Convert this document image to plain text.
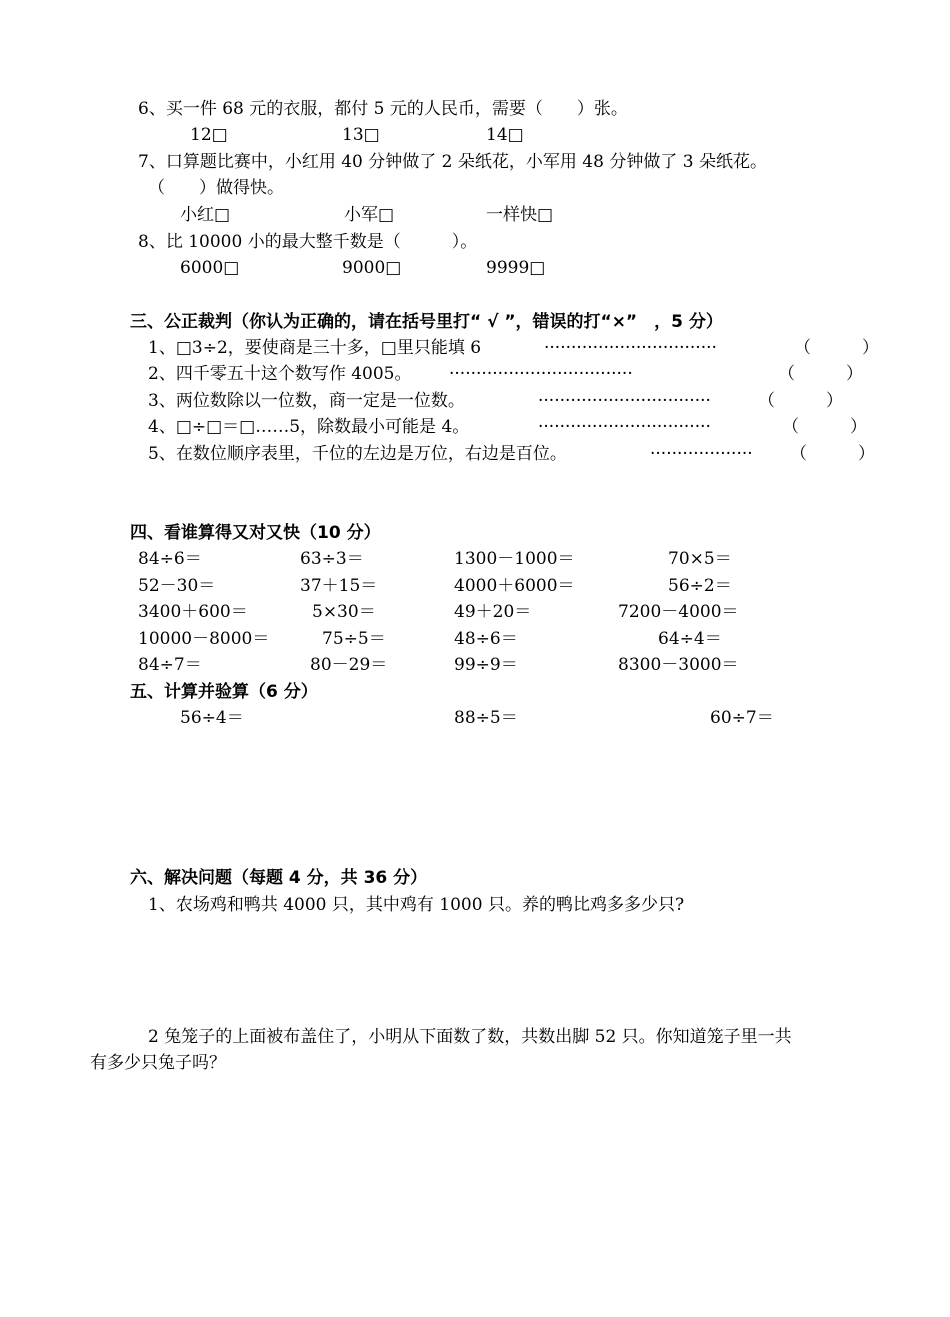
6、买一件 68 元的衣服，都付 5 元的人民币，需要（　　）张。
12□	13□	14□
7、口算题比赛中，小红用 40 分钟做了 2 朵纸花，小军用 48 分钟做了 3 朵纸花。
（　　）做得快。
小红□	小军□	一样快□
8、比 10000 小的最大整千数是（　　　）。
6000□	9000□	9999□
三、公正裁判（你认为正确的，请在括号里打“ √ ”，错误的打“×”　，5 分）
1、□3÷2，要使商是三十多，□里只能填 6	································	（　　　）
2、四千零五十这个数写作 4005。 ··································	（　　　）
3、两位数除以一位数，商一定是一位数。	································	（　　　）
4、□÷□＝□……5，除数最小可能是 4。	································	（　　　）
5、在数位顺序表里，千位的左边是万位，右边是百位。	··················· （　　　）
四、看谁算得又对又快（10 分）
84÷6＝	63÷3＝	1300－1000＝	70×5＝
52－30＝	37＋15＝	4000＋6000＝	56÷2＝
3400＋600＝	5×30＝	49＋20＝	7200－4000＝
10000－8000＝	75÷5＝	48÷6＝	64÷4＝
84÷7＝	80－29＝	99÷9＝	8300－3000＝
五、计算并验算（6 分）
56÷4＝	88÷5＝	60÷7＝
六、解决问题（每题 4 分，共 36 分）
1、农场鸡和鸭共 4000 只，其中鸡有 1000 只。养的鸭比鸡多多少只?
2 兔笼子的上面被布盖住了，小明从下面数了数，共数出脚 52 只。你知道笼子里一共
有多少只兔子吗？
